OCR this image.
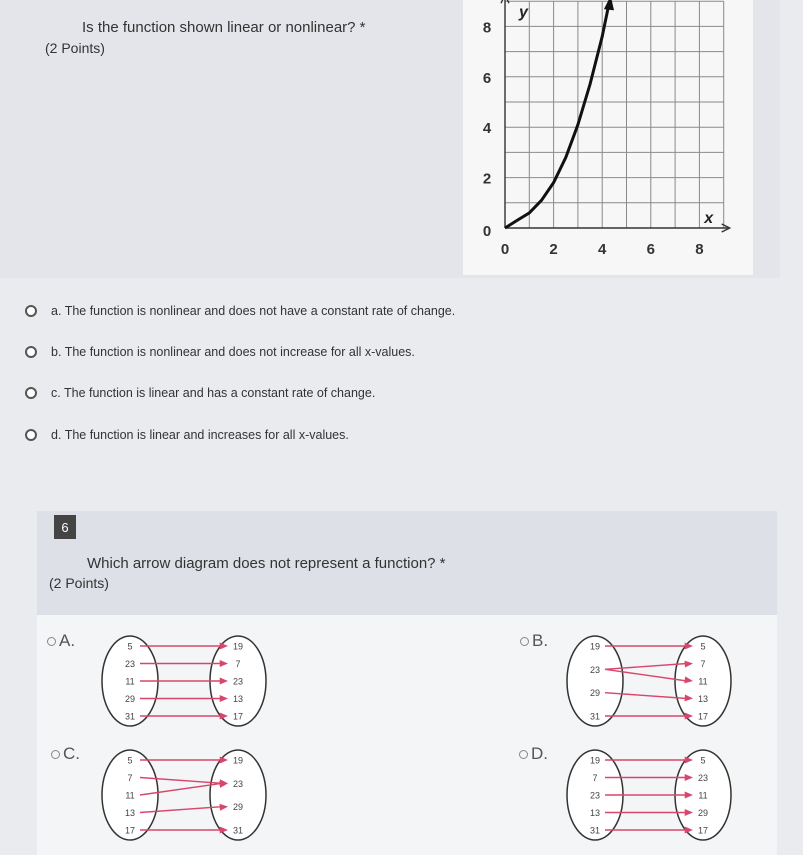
Is the function shown linear or nonlinear? *
(2 Points)
y
x
0	2	4	6	8
0
2
4
6
8
a. The function is nonlinear and does not have a constant rate of change.
b. The function is nonlinear and does not increase for all x-values.
c. The function is linear and has a constant rate of change.
d. The function is linear and increases for all x-values.
6
Which arrow diagram does not represent a function? *
(2 Points)
A.	B.
C.	D.
5
23
11
29
31
19
7
23
13
17
19
23
29
31
5
7
11
13
17
5
7
11
13
17
19
23
29
31
19
7
23
13
31
5
23
11
29
17
